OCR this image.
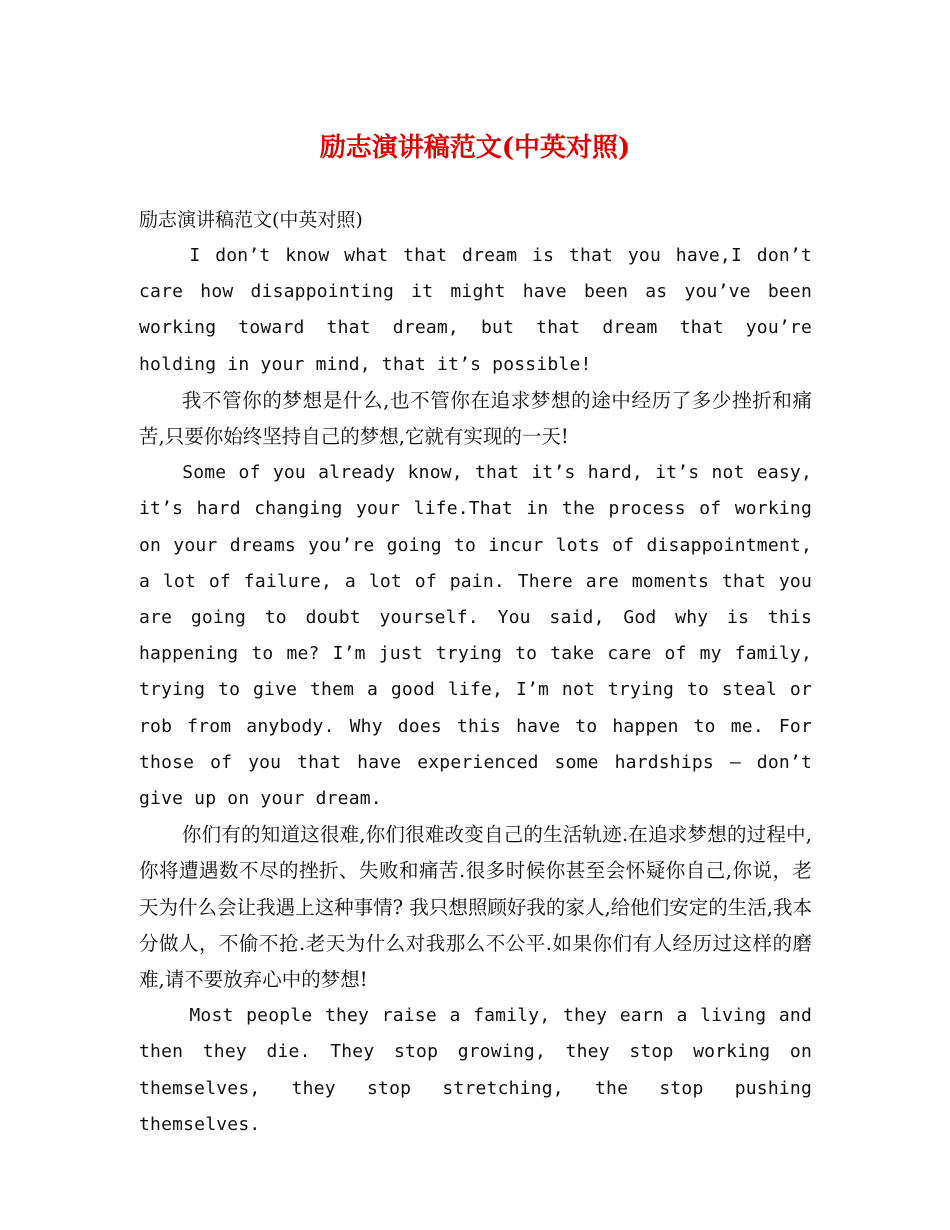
励志演讲稿范文(中英对照)

励志演讲稿范文(中英对照)

I don’t know what that dream is that you have,I don’t care how disappointing it might have been as you’ve been working toward that dream, but that dream that you’re holding in your mind, that it’s possible!

我不管你的梦想是什么,也不管你在追求梦想的途中经历了多少挫折和痛苦,只要你始终坚持自己的梦想,它就有实现的一天!

Some of you already know, that it’s hard, it’s not easy, it’s hard changing your life.That in the process of working on your dreams you’re going to incur lots of disappointment, a lot of failure, a lot of pain. There are moments that you are going to doubt yourself. You said, God why is this happening to me? I’m just trying to take care of my family, trying to give them a good life, I’m not trying to steal or rob from anybody. Why does this have to happen to me. For those of you that have experienced some hardships – don’t give up on your dream.

你们有的知道这很难,你们很难改变自己的生活轨迹.在追求梦想的过程中,你将遭遇数不尽的挫折、失败和痛苦.很多时候你甚至会怀疑你自己,你说，老天为什么会让我遇上这种事情? 我只想照顾好我的家人,给他们安定的生活,我本分做人，不偷不抢.老天为什么对我那么不公平.如果你们有人经历过这样的磨难,请不要放弃心中的梦想!

Most people they raise a family, they earn a living and then they die. They stop growing, they stop working on themselves, they stop stretching, the stop pushing themselves.
